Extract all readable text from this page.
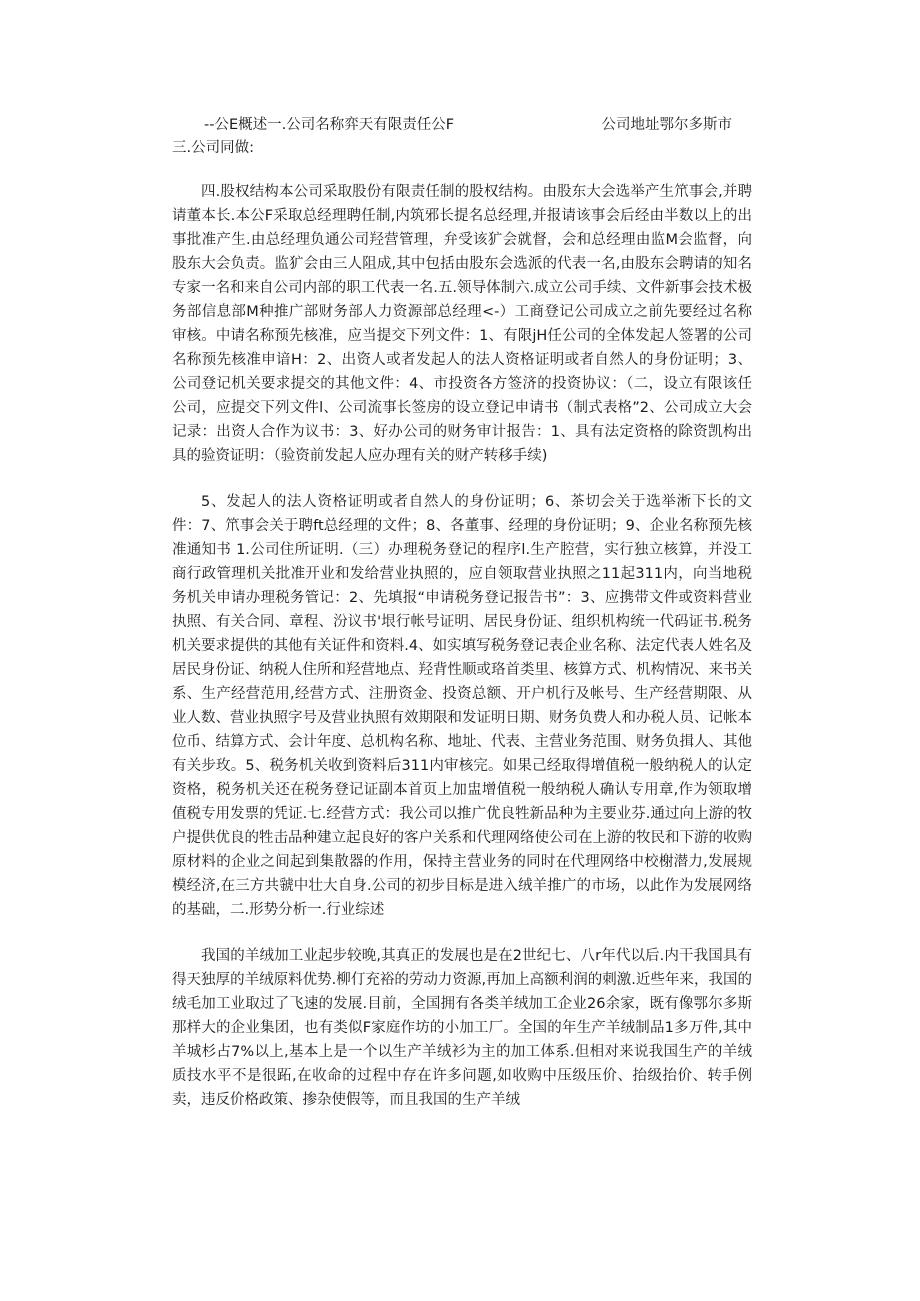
--公E概述一.公司名称弈天有限责任公F	公司地址鄂尔多斯市
三.公司同做:

四.股权结构本公司采取股份有限责任制的股权结构。由股东大会选举产生笊事会,并聘请董本长.本公F采取总经理聘任制,内筑邪长提名总经理,并报请该事会后经由半数以上的出事批准产生.由总经理负通公司羟营管理，弁受该犷会就督，会和总经理由监M会监督，向股东大会负责。监犷会由三人阻成,其中包括由股东会选派的代表一名,由股东会聘请的知名专家一名和来自公司内部的职工代表一名.五.领导体制六.成立公司手续、文件新事会技术极务部信息部M种推广部财务部人力资源部总经理<-）工商登记公司成立之前先要经过名称审核。中请名称预先核准，应当提交下列文件：1、有限jH任公司的全体发起人签署的公司名称预先核准申谙H：2、出资人或者发起人的法人资格证明或者自然人的身份证明；3、公司登记机关要求提交的其他文件：4、市投资各方签济的投资协议：（二，设立有限该任公司，应提交下列文件l、公司流事长签房的设立登记申请书（制式表格”2、公司成立大会记录：出资人合作为议书：3、好办公司的财务审计报告：1、具有法定资格的除资凯构出具的验资证明：（验资前发起人应办理有关的财产转移手续)

5、发起人的法人资格证明或者自然人的身份证明；6、茶切会关于选举淅下长的文件：7、笊事会关于聘ft总经理的文件；8、各董事、经理的身份证明；9、企业名称预先核准通知书 1.公司住所证明.（三）办理税务登记的程序l.生产腔营，实行独立核算，并没工商行政管理机关批准开业和发给营业执照的，应自领取营业执照之11起311内，向当地税务机关申请办理税务管记：2、先填报“申请税务登记报告书”：3、应携带文件或资料营业执照、有关合同、章程、汾议书'垠行帐号证明、居民身份证、组织机构统一代码证书.税务机关要求提供的其他有关证件和资料.4、如实填写税务登记表企业名称、法定代表人姓名及居民身份证、纳税人住所和羟营地点、羟背性顺或珞首类里、核算方式、机构情况、来书关系、生产经营范用,经营方式、注册资金、投资总额、开户机行及帐号、生产经营期限、从业人数、营业执照字号及营业执照有效期限和发证明日期、财务负费人和办税人员、记帐本位币、结算方式、会计年度、总机构名称、地址、代表、主营业务范围、财务负揖人、其他有关步玫。5、税务机关收到资料后311内审核完。如果己经取得增值税一般纳税人的认定资格，税务机关还在税务登记证副本首页上加盅增值税一般纳税人确认专用章,作为领取增值税专用发票的凭证.七.经营方式：我公司以推广优良牲新品种为主要业芬.通过向上游的牧户提供优良的牲击品种建立起良好的客户关系和代理网络使公司在上游的牧民和下游的收购原材料的企业之间起到集散器的作用，保持主营业务的同时在代理网络中校榭潜力,发展规模经济,在三方共虢中壮大自身.公司的初步目标是进入绒羊推广的市场，以此作为发展网络的基础，二.形势分析一.行业综述

我国的羊绒加工业起步较晚,其真正的发展也是在2世纪七、八r年代以后.内干我国具有得天独厚的羊绒原料优势.柳仃充裕的劳动力资源,再加上高额利润的刺激.近些年来，我国的绒毛加工业取过了飞速的发展.目前，全国拥有各类羊绒加工企业26余家，既有像鄂尔多斯那样大的企业集团，也有类似F家庭作坊的小加工厂。全国的年生产羊绒制品1多万件,其中羊城杉占7%以上,基本上是一个以生产羊绒衫为主的加工体系.但相对来说我国生产的羊绒质技水平不是很跖,在收命的过程中存在许多问题,如收购中压级压价、抬级抬价、转手例卖，违反价格政策、掺杂使假等，而且我国的生产羊绒
